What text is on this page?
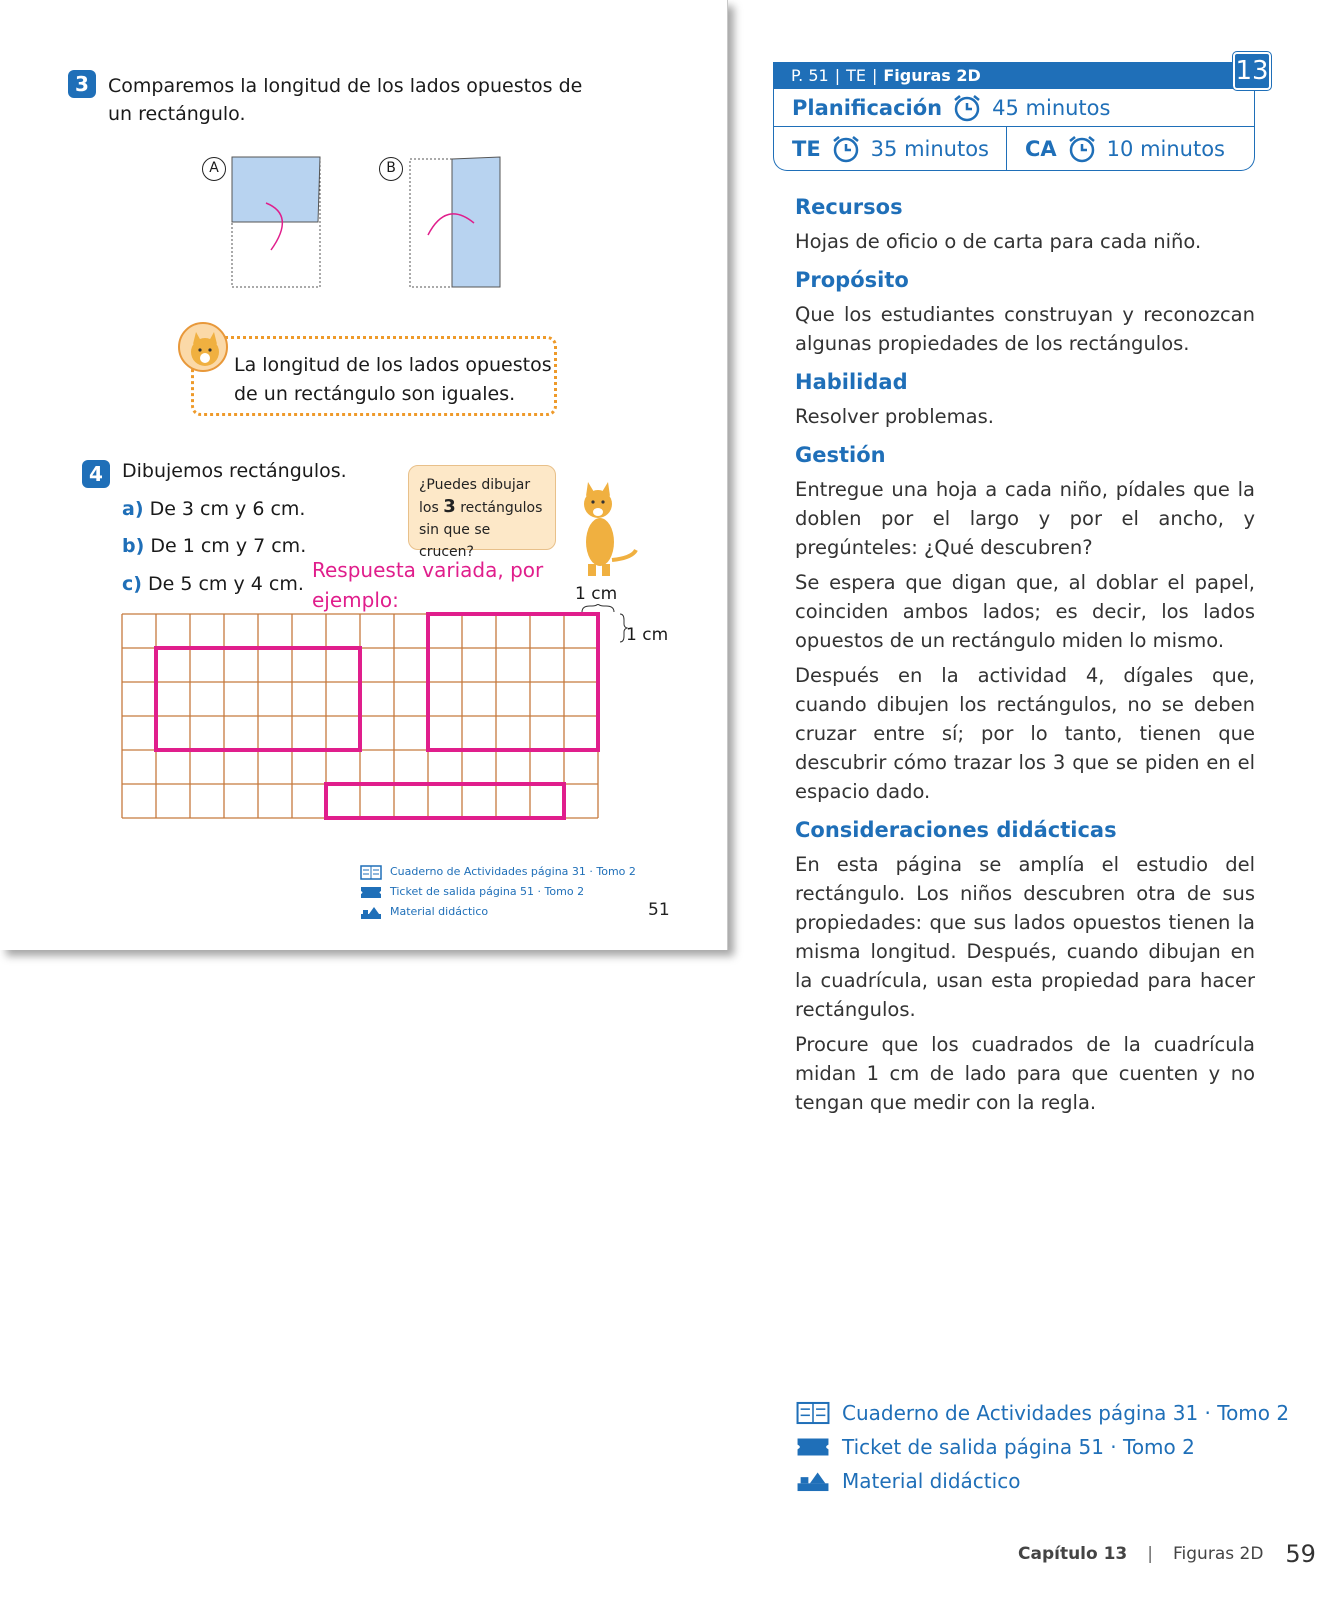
3	Comparemos la longitud de los lados opuestos de un rectángulo.
A	B
La longitud de los lados opuestos de un rectángulo son iguales.
4	Dibujemos rectángulos.
a) De 3 cm y 6 cm.
b) De 1 cm y 7 cm.
c) De 5 cm y 4 cm.
¿Puedes dibujar
los 3 rectángulos
sin que se crucen?
Respuesta variada, por ejemplo:	1 cm
1 cm
Cuaderno de Actividades página 31 · Tomo 2
Ticket de salida página 51 · Tomo 2
Material didáctico	51
P. 51 | TE | Figuras 2D
Planificación 45 minutos
TE 35 minutos CA 10 minutos
13
Recursos

Hojas de oficio o de carta para cada niño.

Propósito

Que los estudiantes construyan y reconozcan algunas propiedades de los rectángulos.

Habilidad

Resolver problemas.

Gestión

Entregue una hoja a cada niño, pídales que la doblen por el largo y por el ancho, y pregúnteles: ¿Qué descubren?

Se espera que digan que, al doblar el papel, coinciden ambos lados; es decir, los lados opuestos de un rectángulo miden lo mismo.

Después en la actividad 4, dígales que, cuando dibujen los rectángulos, no se deben cruzar entre sí; por lo tanto, tienen que descubrir cómo trazar los 3 que se piden en el espacio dado.

Consideraciones didácticas

En esta página se amplía el estudio del rectángulo. Los niños descubren otra de sus propiedades: que sus lados opuestos tienen la misma longitud. Después, cuando dibujan en la cuadrícula, usan esta propiedad para hacer rectángulos.

Procure que los cuadrados de la cuadrícula midan 1 cm de lado para que cuenten y no tengan que medir con la regla.

Cuaderno de Actividades página 31 · Tomo 2
Ticket de salida página 51 · Tomo 2
Material didáctico
Capítulo 13 | Figuras 2D 59
